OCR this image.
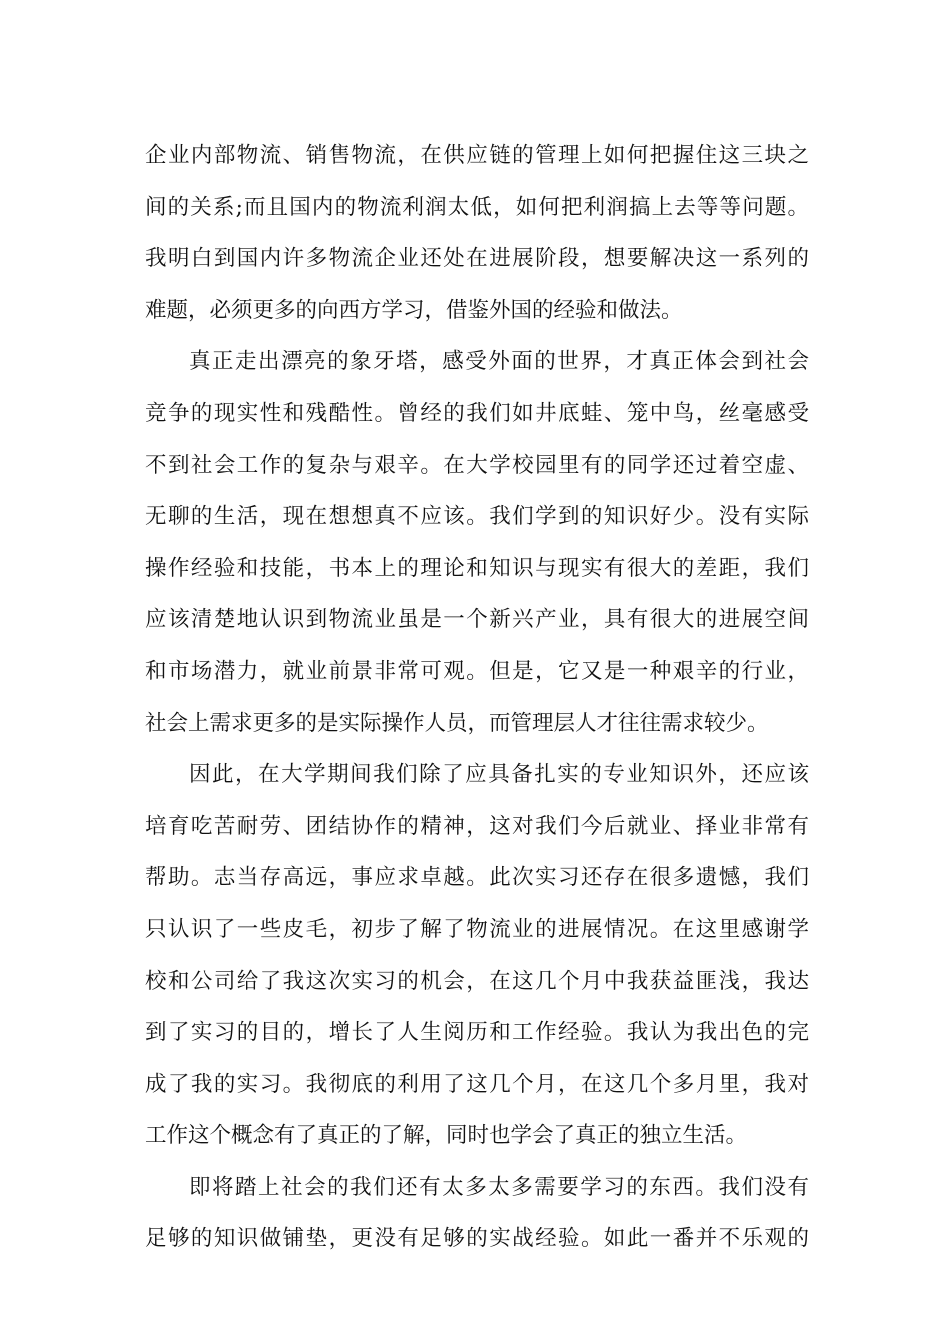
企业内部物流、销售物流，在供应链的管理上如何把握住这三块之
间的关系;而且国内的物流利润太低，如何把利润搞上去等等问题。
我明白到国内许多物流企业还处在进展阶段，想要解决这一系列的
难题，必须更多的向西方学习，借鉴外国的经验和做法。
真正走出漂亮的象牙塔，感受外面的世界，才真正体会到社会
竞争的现实性和残酷性。曾经的我们如井底蛙、笼中鸟，丝毫感受
不到社会工作的复杂与艰辛。在大学校园里有的同学还过着空虚、
无聊的生活，现在想想真不应该。我们学到的知识好少。没有实际
操作经验和技能，书本上的理论和知识与现实有很大的差距，我们
应该清楚地认识到物流业虽是一个新兴产业，具有很大的进展空间
和市场潜力，就业前景非常可观。但是，它又是一种艰辛的行业，
社会上需求更多的是实际操作人员，而管理层人才往往需求较少。
因此，在大学期间我们除了应具备扎实的专业知识外，还应该
培育吃苦耐劳、团结协作的精神，这对我们今后就业、择业非常有
帮助。志当存高远，事应求卓越。此次实习还存在很多遗憾，我们
只认识了一些皮毛，初步了解了物流业的进展情况。在这里感谢学
校和公司给了我这次实习的机会，在这几个月中我获益匪浅，我达
到了实习的目的，增长了人生阅历和工作经验。我认为我出色的完
成了我的实习。我彻底的利用了这几个月，在这几个多月里，我对
工作这个概念有了真正的了解，同时也学会了真正的独立生活。
即将踏上社会的我们还有太多太多需要学习的东西。我们没有
足够的知识做铺垫，更没有足够的实战经验。如此一番并不乐观的
